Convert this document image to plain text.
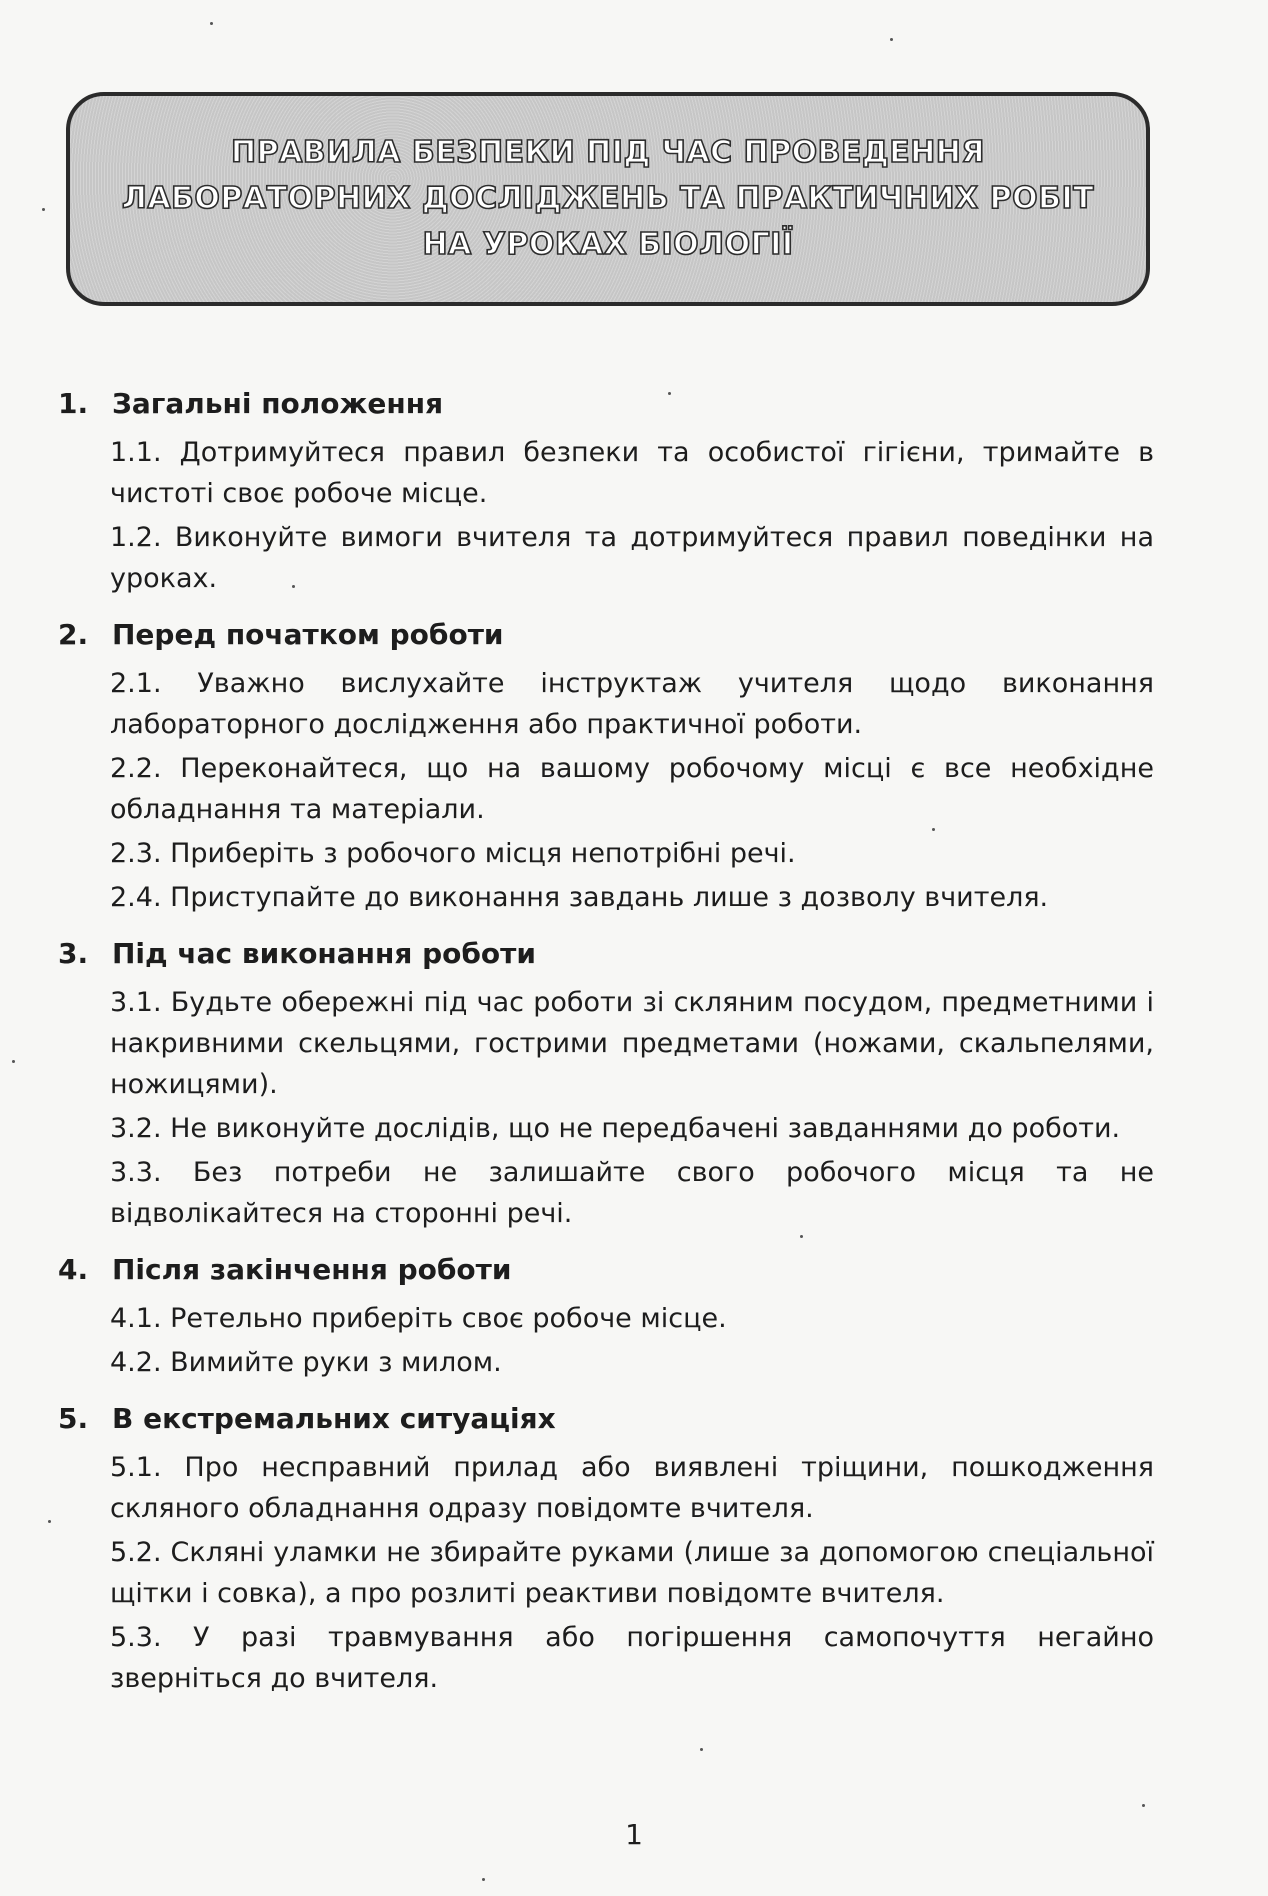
ПРАВИЛА БЕЗПЕКИ ПІД ЧАС ПРОВЕДЕННЯ
ЛАБОРАТОРНИХ ДОСЛІДЖЕНЬ ТА ПРАКТИЧНИХ РОБІТ
НА УРОКАХ БІОЛОГІЇ
1. Загальні положення

1.1. Дотримуйтеся правил безпеки та особистої гігієни, тримайте в чистоті своє робоче місце.

1.2. Виконуйте вимоги вчителя та дотримуйтеся правил поведінки на уроках.

2. Перед початком роботи

2.1. Уважно вислухайте інструктаж учителя щодо виконання лабораторного дослідження або практичної роботи.

2.2. Переконайтеся, що на вашому робочому місці є все необхідне обладнання та матеріали.

2.3. Приберіть з робочого місця непотрібні речі.

2.4. Приступайте до виконання завдань лише з дозволу вчителя.

3. Під час виконання роботи

3.1. Будьте обережні під час роботи зі скляним посудом, предметними і накривними скельцями, гострими предметами (ножами, скальпелями, ножицями).

3.2. Не виконуйте дослідів, що не передбачені завданнями до роботи.

3.3. Без потреби не залишайте свого робочого місця та не відволікайтеся на сторонні речі.

4. Після закінчення роботи

4.1. Ретельно приберіть своє робоче місце.

4.2. Вимийте руки з милом.

5. В екстремальних ситуаціях

5.1. Про несправний прилад або виявлені тріщини, пошкодження скляного обладнання одразу повідомте вчителя.

5.2. Скляні уламки не збирайте руками (лише за допомогою спеціальної щітки і совка), а про розлиті реактиви повідомте вчителя.

5.3. У разі травмування або погіршення самопочуття негайно зверніться до вчителя.

1
